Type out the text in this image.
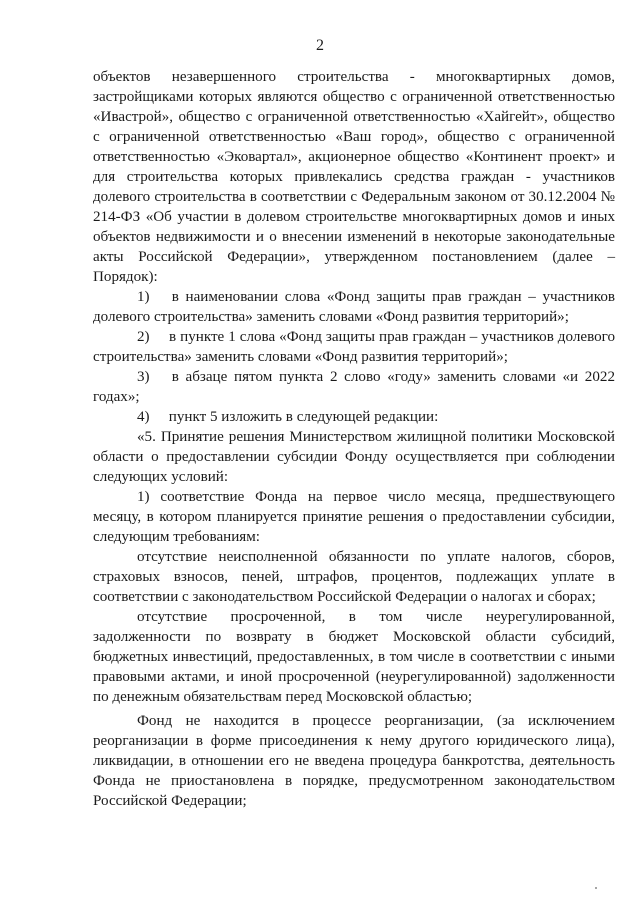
2

объектов незавершенного строительства - многоквартирных домов, застройщиками которых являются общество с ограниченной ответственностью «Ивастрой», общество с ограниченной ответственностью «Хайгейт», общество с ограниченной ответственностью «Ваш город», общество с ограниченной ответственностью «Эковартал», акционерное общество «Континент проект» и для строительства которых привлекались средства граждан - участников долевого строительства в соответствии с Федеральным законом от 30.12.2004 № 214-ФЗ «Об участии в долевом строительстве многоквартирных домов и иных объектов недвижимости и о внесении изменений в некоторые законодательные акты Российской Федерации», утвержденном постановлением (далее – Порядок):

1) в наименовании слова «Фонд защиты прав граждан – участников долевого строительства» заменить словами «Фонд развития территорий»;

2) в пункте 1 слова «Фонд защиты прав граждан – участников долевого строительства» заменить словами «Фонд развития территорий»;

3) в абзаце пятом пункта 2 слово «году» заменить словами «и 2022 годах»;

4) пункт 5 изложить в следующей редакции:

«5. Принятие решения Министерством жилищной политики Московской области о предоставлении субсидии Фонду осуществляется при соблюдении следующих условий:

1) соответствие Фонда на первое число месяца, предшествующего месяцу, в котором планируется принятие решения о предоставлении субсидии, следующим требованиям:

отсутствие неисполненной обязанности по уплате налогов, сборов, страховых взносов, пеней, штрафов, процентов, подлежащих уплате в соответствии с законодательством Российской Федерации о налогах и сборах;

отсутствие просроченной, в том числе неурегулированной, задолженности по возврату в бюджет Московской области субсидий, бюджетных инвестиций, предоставленных, в том числе в соответствии с иными правовыми актами, и иной просроченной (неурегулированной) задолженности по денежным обязательствам перед Московской областью;

Фонд не находится в процессе реорганизации, (за исключением реорганизации в форме присоединения к нему другого юридического лица), ликвидации, в отношении его не введена процедура банкротства, деятельность Фонда не приостановлена в порядке, предусмотренном законодательством Российской Федерации;
